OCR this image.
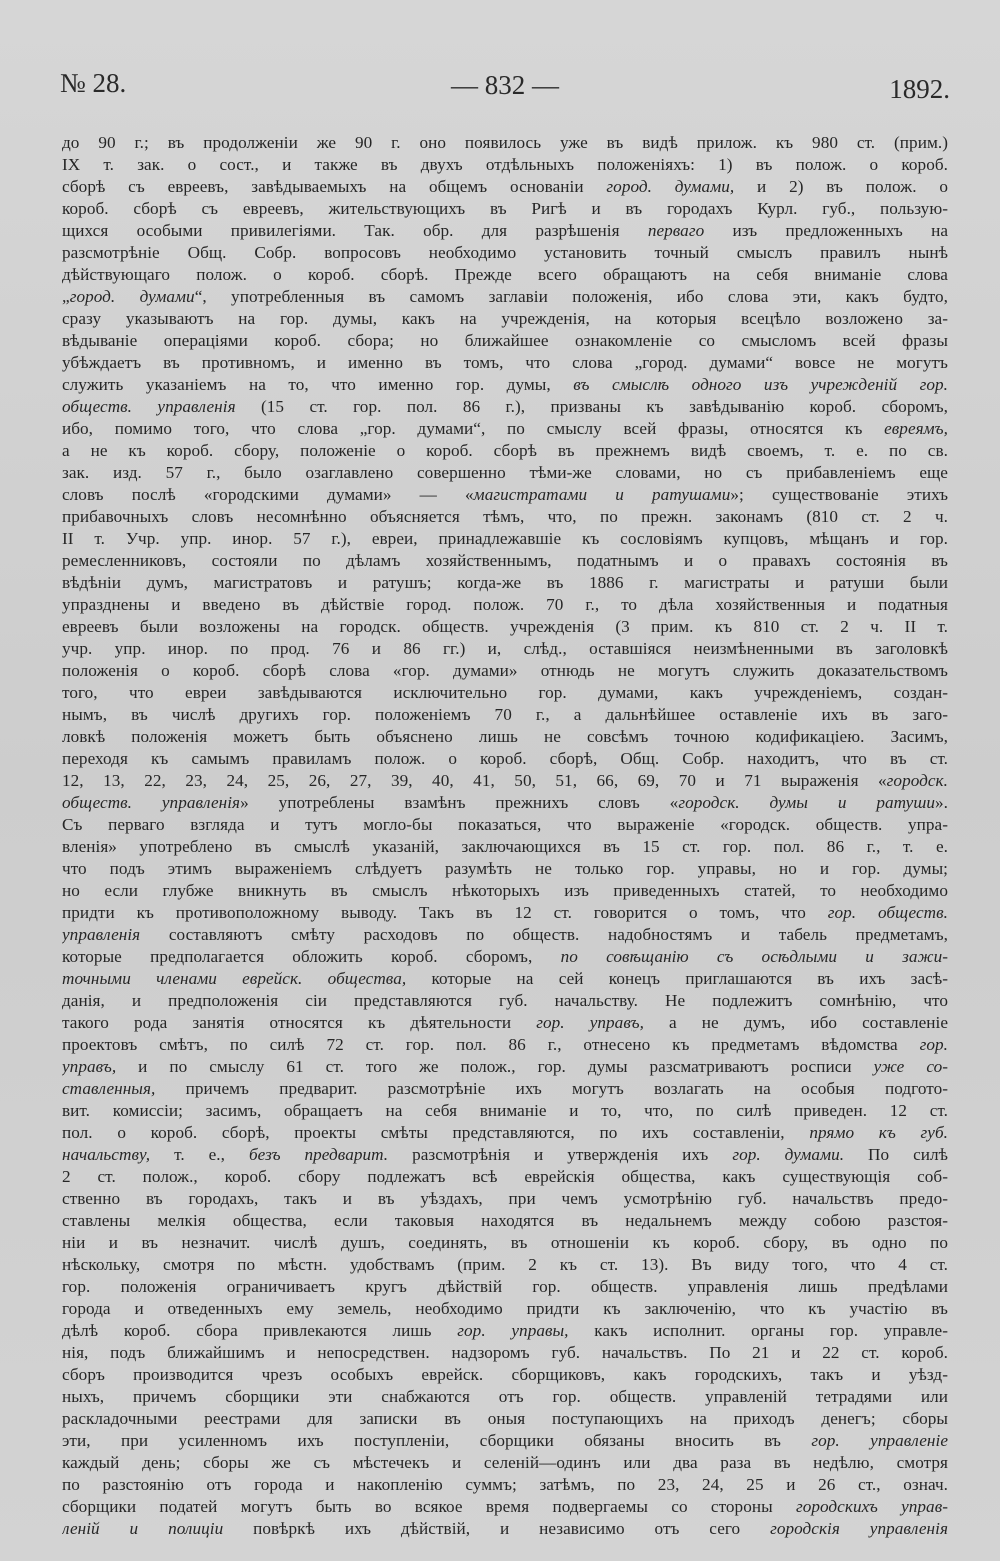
№ 28.	— 832 —	1892.
до 90 г.; въ продолженіи же 90 г. оно появилось уже въ видѣ прилож. къ 980 ст. (прим.)
IX т. зак. о сост., и также въ двухъ отдѣльныхъ положеніяхъ: 1) въ полож. о короб.
сборѣ съ евреевъ, завѣдываемыхъ на общемъ основаніи город. думами, и 2) въ полож. о
короб. сборѣ съ евреевъ, жительствующихъ въ Ригѣ и въ городахъ Курл. губ., пользую-
щихся особыми привилегіями. Так. обр. для разрѣшенія перваго изъ предложенныхъ на
разсмотрѣніе Общ. Собр. вопросовъ необходимо установить точный смыслъ правилъ нынѣ
дѣйствующаго полож. о короб. сборѣ. Прежде всего обращаютъ на себя вниманіе слова
„город. думами“, употребленныя въ самомъ заглавіи положенія, ибо слова эти, какъ будто,
сразу указываютъ на гор. думы, какъ на учрежденія, на которыя всецѣло возложено за-
вѣдываніе операціями короб. сбора; но ближайшее ознакомленіе со смысломъ всей фразы
убѣждаетъ въ противномъ, и именно въ томъ, что слова „город. думами“ вовсе не могутъ
служить указаніемъ на то, что именно гор. думы, въ смыслѣ одного изъ учрежденій гор.
обществ. управленія (15 ст. гор. пол. 86 г.), призваны къ завѣдыванію короб. сборомъ,
ибо, помимо того, что слова „гор. думами“, по смыслу всей фразы, относятся къ евреямъ,
а не къ короб. сбору, положеніе о короб. сборѣ въ прежнемъ видѣ своемъ, т. е. по св.
зак. изд. 57 г., было озаглавлено совершенно тѣми-же словами, но съ прибавленіемъ еще
словъ послѣ «городскими думами» — «магистратами и ратушами»; существованіе этихъ
прибавочныхъ словъ несомнѣнно объясняется тѣмъ, что, по прежн. законамъ (810 ст. 2 ч.
II т. Учр. упр. инор. 57 г.), евреи, принадлежавшіе къ сословіямъ купцовъ, мѣщанъ и гор.
ремесленниковъ, состояли по дѣламъ хозяйственнымъ, податнымъ и о правахъ состоянія въ
вѣдѣніи думъ, магистратовъ и ратушъ; когда-же въ 1886 г. магистраты и ратуши были
упразднены и введено въ дѣйствіе город. полож. 70 г., то дѣла хозяйственныя и податныя
евреевъ были возложены на городск. обществ. учрежденія (3 прим. къ 810 ст. 2 ч. II т.
учр. упр. инор. по прод. 76 и 86 гг.) и, слѣд., оставшіяся неизмѣненными въ заголовкѣ
положенія о короб. сборѣ слова «гор. думами» отнюдь не могутъ служить доказательствомъ
того, что евреи завѣдываются исключительно гор. думами, какъ учрежденіемъ, создан-
нымъ, въ числѣ другихъ гор. положеніемъ 70 г., а дальнѣйшее оставленіе ихъ въ заго-
ловкѣ положенія можетъ быть объяснено лишь не совсѣмъ точною кодификаціею. Засимъ,
переходя къ самымъ правиламъ полож. о короб. сборѣ, Общ. Собр. находитъ, что въ ст.
12, 13, 22, 23, 24, 25, 26, 27, 39, 40, 41, 50, 51, 66, 69, 70 и 71 выраженія «городск.
обществ. управленія» употреблены взамѣнъ прежнихъ словъ «городск. думы и ратуши».
Съ перваго взгляда и тутъ могло-бы показаться, что выраженіе «городск. обществ. упра-
вленія» употреблено въ смыслѣ указаній, заключающихся въ 15 ст. гор. пол. 86 г., т. е.
что подъ этимъ выраженіемъ слѣдуетъ разумѣть не только гор. управы, но и гор. думы;
но если глубже вникнуть въ смыслъ нѣкоторыхъ изъ приведенныхъ статей, то необходимо
придти къ противоположному выводу. Такъ въ 12 ст. говорится о томъ, что гор. обществ.
управленія составляютъ смѣту расходовъ по обществ. надобностямъ и табель предметамъ,
которые предполагается обложить короб. сборомъ, по совѣщанію съ осѣдлыми и зажи-
точными членами еврейск. общества, которые на сей конецъ приглашаются въ ихъ засѣ-
данія, и предположенія сіи представляются губ. начальству. Не подлежитъ сомнѣнію, что
такого рода занятія относятся къ дѣятельности гор. управъ, а не думъ, ибо составленіе
проектовъ смѣтъ, по силѣ 72 ст. гор. пол. 86 г., отнесено къ предметамъ вѣдомства гор.
управъ, и по смыслу 61 ст. того же полож., гор. думы разсматриваютъ росписи уже со-
ставленныя, причемъ предварит. разсмотрѣніе ихъ могутъ возлагать на особыя подгото-
вит. комиссіи; засимъ, обращаетъ на себя вниманіе и то, что, по силѣ привeден. 12 ст.
пол. о короб. сборѣ, проекты смѣты представляются, по ихъ составленіи, прямо къ губ.
начальству, т. е., безъ предварит. разсмотрѣнія и утвержденія ихъ гор. думами. По силѣ
2 ст. полож., короб. сбору подлежатъ всѣ еврейскія общества, какъ существующія соб-
ственно въ городахъ, такъ и въ уѣздахъ, при чемъ усмотрѣнію губ. начальствъ предо-
ставлены мелкія общества, если таковыя находятся въ недальнемъ между собою разстоя-
ніи и въ незначит. числѣ душъ, соединять, въ отношеніи къ короб. сбору, въ одно по
нѣскольку, смотря по мѣстн. удобствамъ (прим. 2 къ ст. 13). Въ виду того, что 4 ст.
гор. положенія ограничиваетъ кругъ дѣйствій гор. обществ. управленія лишь предѣлами
города и отведенныхъ ему земель, необходимо придти къ заключенію, что къ участію въ
дѣлѣ короб. сбора привлекаются лишь гор. управы, какъ исполнит. органы гор. управле-
нія, подъ ближайшимъ и непосредствен. надзоромъ губ. начальствъ. По 21 и 22 ст. короб.
сборъ производится чрезъ особыхъ еврейск. сборщиковъ, какъ городскихъ, такъ и уѣзд-
ныхъ, причемъ сборщики эти снабжаются отъ гор. обществ. управленій тетрадями или
раскладочными реестрами для записки въ оныя поступающихъ на приходъ денегъ; сборы
эти, при усиленномъ ихъ поступленіи, сборщики обязаны вносить въ гор. управленіе
каждый день; сборы же съ мѣстечекъ и селеній—одинъ или два раза въ недѣлю, смотря
по разстоянію отъ города и накопленію суммъ; затѣмъ, по 23, 24, 25 и 26 ст., означ.
сборщики податей могутъ быть во всякое время подвергаемы со стороны городскихъ управ-
леній и полиціи повѣркѣ ихъ дѣйствій, и независимо отъ сего городскія управленія
